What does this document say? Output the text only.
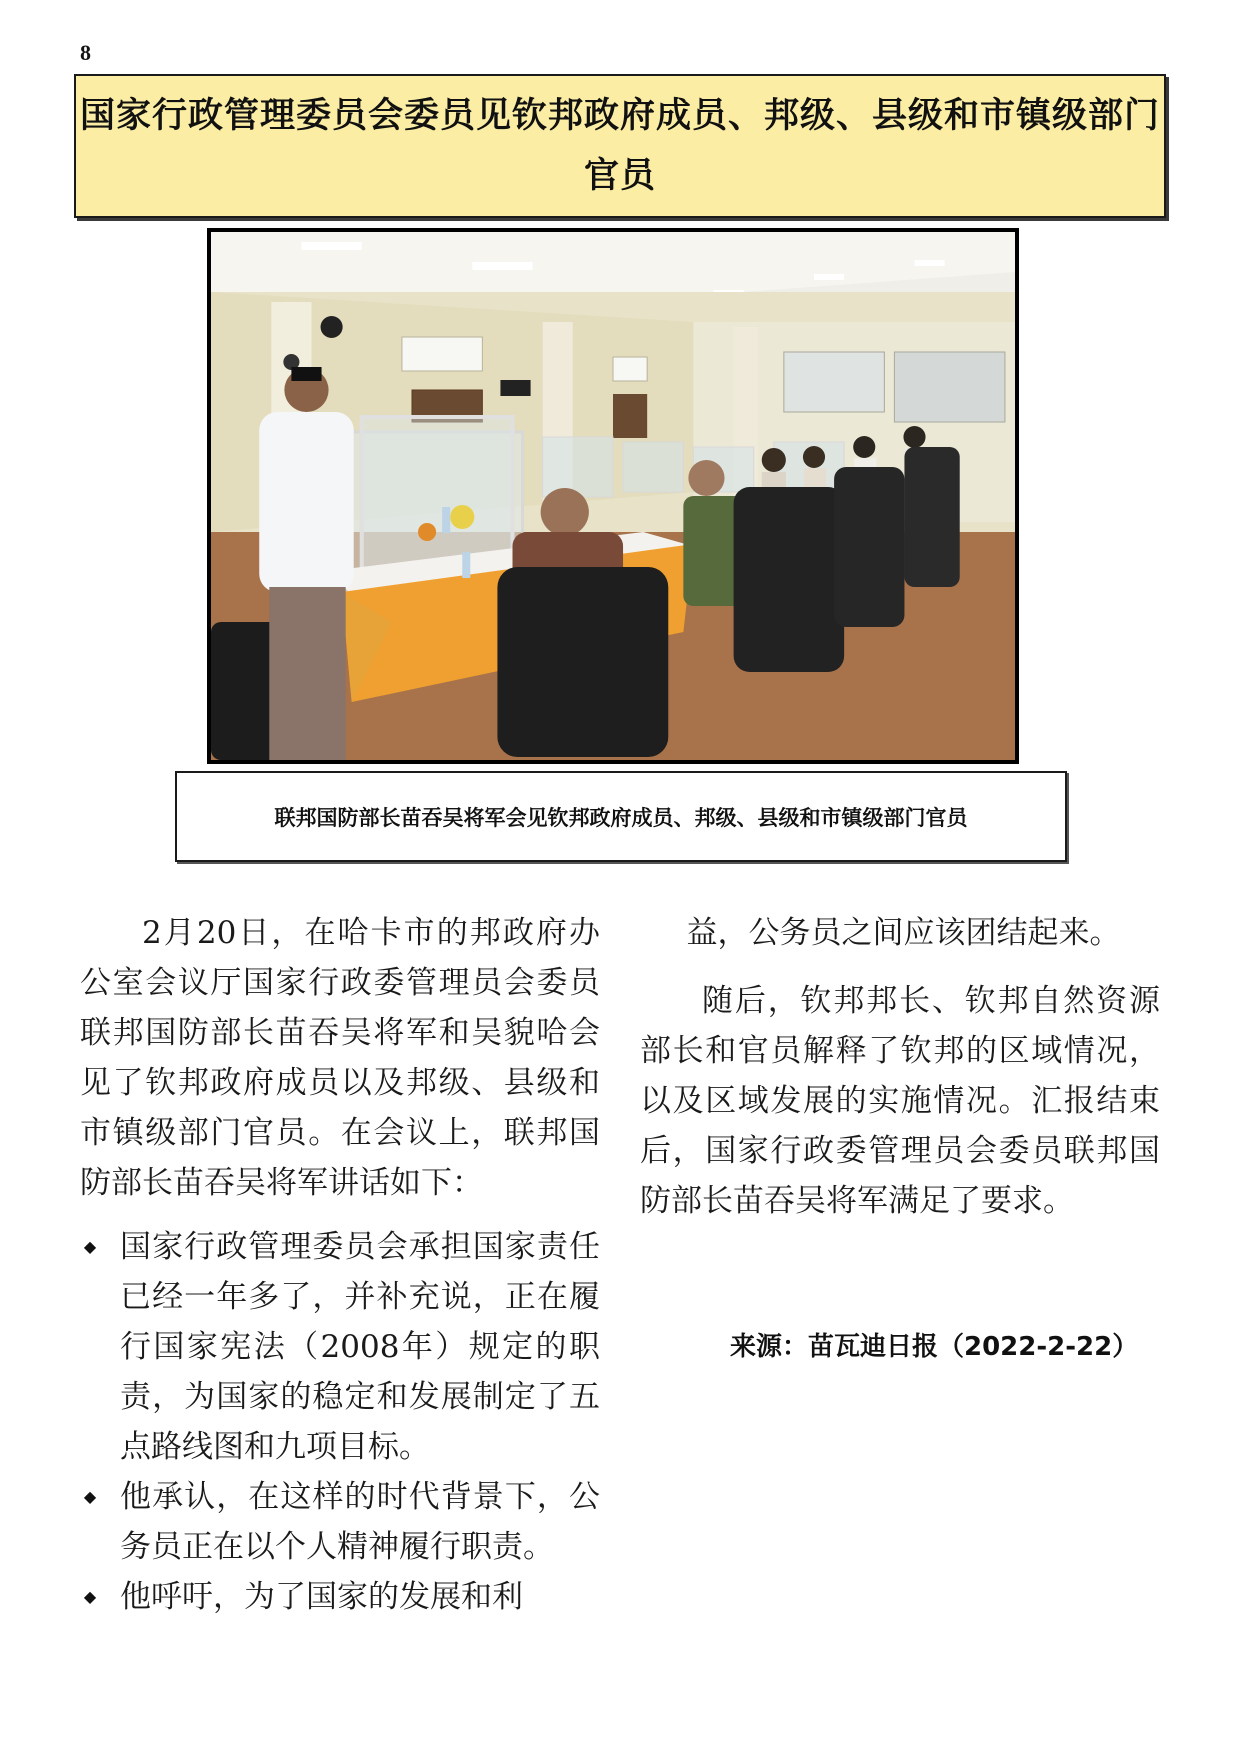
8
国家行政管理委员会委员见钦邦政府成员、邦级、县级和市镇级部门官员
联邦国防部长苗吞吴将军会见钦邦政府成员、邦级、县级和市镇级部门官员

2月20日，在哈卡市的邦政府办公室会议厅国家行政委管理员会委员联邦国防部长苗吞吴将军和吴貌哈会见了钦邦政府成员以及邦级、县级和市镇级部门官员。在会议上，联邦国防部长苗吞吴将军讲话如下：

◆ 国家行政管理委员会承担国家责任已经一年多了，并补充说，正在履行国家宪法（2008年）规定的职责，为国家的稳定和发展制定了五点路线图和九项目标。
◆ 他承认，在这样的时代背景下，公务员正在以个人精神履行职责。
◆ 他呼吁，为了国家的发展和利

益，公务员之间应该团结起来。

随后，钦邦邦长、钦邦自然资源部长和官员解释了钦邦的区域情况，以及区域发展的实施情况。汇报结束后，国家行政委管理员会委员联邦国防部长苗吞吴将军满足了要求。

来源：苗瓦迪日报（2022-2-22）
